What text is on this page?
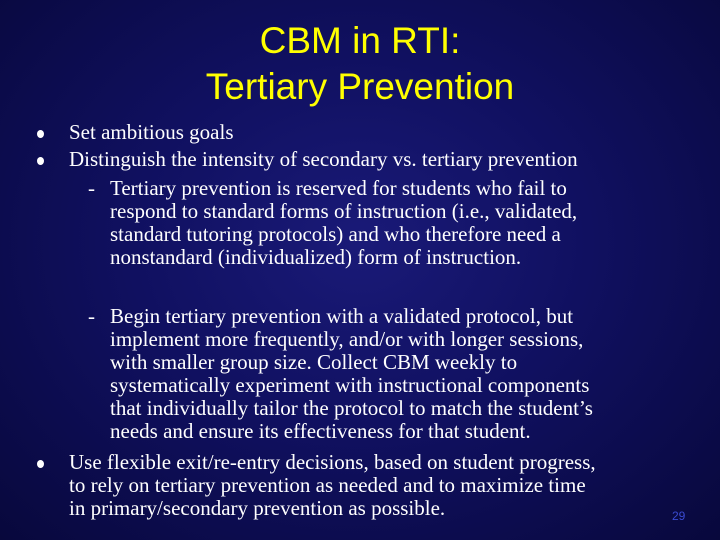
CBM in RTI:
Tertiary Prevention
Set ambitious goals
Distinguish the intensity of secondary vs. tertiary prevention
- Tertiary prevention is reserved for students who fail to
respond to standard forms of instruction (i.e., validated,
standard tutoring protocols) and who therefore need a
nonstandard (individualized) form of instruction.
- Begin tertiary prevention with a validated protocol, but
implement more frequently, and/or with longer sessions,
with smaller group size. Collect CBM weekly to
systematically experiment with instructional components
that individually tailor the protocol to match the student’s
needs and ensure its effectiveness for that student.
Use flexible exit/re-entry decisions, based on student progress,
to rely on tertiary prevention as needed and to maximize time
in primary/secondary prevention as possible.	29
